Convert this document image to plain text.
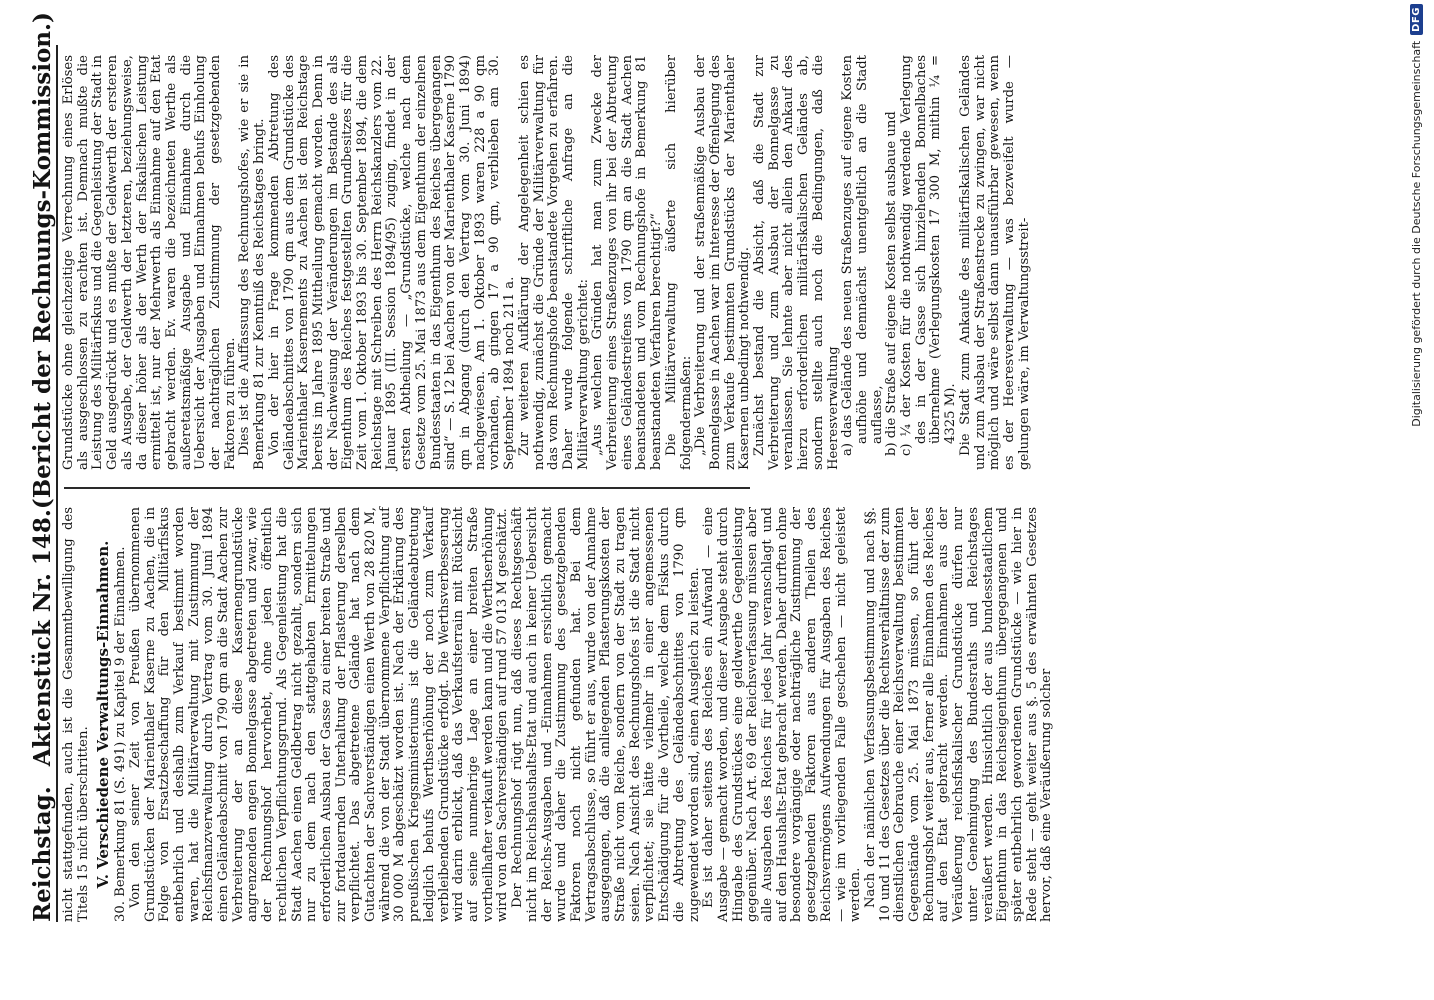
Reichstag.
Aktenstück Nr. 148.
(Bericht der Rechnungs-Kommission.)

nicht stattgefunden, auch ist die Gesammtbewilligung des Titels 15 nicht überschritten. V. Verschiedene Verwaltungs-Einnahmen. 30. Bemerkung 81 (S. 491) zu Kapitel 9 der Einnahmen. Von den seiner Zeit von Preußen übernommenen Grundstücken der Marienthaler Kaserne zu Aachen, die in Folge von Ersatzbeschaffung für den Militärfiskus entbehrlich und deshalb zum Verkauf bestimmt worden waren, hat die Militärverwaltung mit Zustimmung der Reichsfinanzverwaltung durch Vertrag vom 30. Juni 1894 einen Geländeabschnitt von 1790 qm an die Stadt Aachen zur Verbreiterung der an diese Kasernengrundstücke angrenzenden engen Bonnelgasse abgetreten und zwar, wie der Rechnungshof hervorhebt, ohne jeden öffentlich rechtlichen Verpflichtungsgrund. Als Gegenleistung hat die Stadt Aachen einen Geldbetrag nicht gezahlt, sondern sich nur zu dem nach den stattgehabten Ermittelungen erforderlichen Ausbau der Gasse zu einer breiten Straße und zur fortdauernden Unterhaltung der Pflasterung derselben verpflichtet. Das abgetretene Gelände hat nach dem Gutachten der Sachverständigen einen Werth von 28 820 M, während die von der Stadt übernommene Verpflichtung auf 30 000 M abgeschätzt worden ist. Nach der Erklärung des preußischen Kriegsministeriums ist die Geländeabtretung lediglich behufs Werthserhöhung der noch zum Verkauf verbleibenden Grundstücke erfolgt. Die Werthsverbesserung wird darin erblickt, daß das Verkaufsterrain mit Rücksicht auf seine nunmehrige Lage an einer breiten Straße vortheilhafter verkauft werden kann und die Werthserhöhung wird von den Sachverständigen auf rund 57 013 M geschätzt. Der Rechnungshof rügt nun, daß dieses Rechtsgeschäft nicht im Reichshaushalts-Etat und auch in keiner Uebersicht der Reichs-Ausgaben und -Einnahmen ersichtlich gemacht wurde und daher die Zustimmung des gesetzgebenden Faktoren noch nicht gefunden hat. Bei dem Vertragsabschlusse, so führt er aus, wurde von der Annahme ausgegangen, daß die anliegenden Pflasterungskosten der Straße nicht vom Reiche, sondern von der Stadt zu tragen seien. Nach Ansicht des Rechnungshofes ist die Stadt nicht verpflichtet; sie hätte vielmehr in einer angemessenen Entschädigung für die Vortheile, welche dem Fiskus durch die Abtretung des Geländeabschnittes von 1790 qm zugewendet worden sind, einen Ausgleich zu leisten. Es ist daher seitens des Reiches ein Aufwand — eine Ausgabe — gemacht worden, und dieser Ausgabe steht durch Hingabe des Grundstückes eine geldwerthe Gegenleistung gegenüber. Nach Art. 69 der Reichsverfassung müssen aber alle Ausgaben des Reiches für jedes Jahr veranschlagt und auf den Haushalts-Etat gebracht werden. Daher durften ohne besondere vorgängige oder nachträgliche Zustimmung der gesetzgebenden Faktoren aus anderen Theilen des Reichsvermögens Aufwendungen für Ausgaben des Reiches — wie im vorliegenden Falle geschehen — nicht geleistet werden. Nach der nämlichen Verfassungsbestimmung und nach §§. 10 und 11 des Gesetzes über die Rechtsverhältnisse der zum dienstlichen Gebrauche einer Reichsverwaltung bestimmten Gegenstände vom 25. Mai 1873 müssen, so führt der Rechnungshof weiter aus, ferner alle Einnahmen des Reiches auf den Etat gebracht werden. Einnahmen aus der Veräußerung reichsfiskalischer Grundstücke dürfen nur unter Genehmigung des Bundesraths und Reichstages veräußert werden. Hinsichtlich der aus bundesstaatlichem Eigenthum in das Reichseigenthum übergegangenen und später entbehrlich gewordenen Grundstücke — wie hier in Rede steht — geht weiter aus §. 5 des erwähnten Gesetzes hervor, daß eine Veräußerung solcher

Grundstücke ohne gleichzeitige Verrechnung eines Erlöses als ausgeschlossen zu erachten ist. Demnach mußte die Leistung des Militärfiskus und die Gegenleistung der Stadt in Geld ausgedrückt und es mußte der Geldwerth der ersteren als Ausgabe, der Geldwerth der letzteren, beziehungsweise, da dieser höher als der Werth der fiskalischen Leistung ermittelt ist, nur der Mehrwerth als Einnahme auf den Etat gebracht werden. Ev. waren die bezeichneten Werthe als außeretatsmäßige Ausgabe und Einnahme durch die Uebersicht der Ausgaben und Einnahmen behufs Einholung der nachträglichen Zustimmung der gesetzgebenden Faktoren zu führen. Dies ist die Auffassung des Rechnungshofes, wie er sie in Bemerkung 81 zur Kenntniß des Reichstages bringt. Von der hier in Frage kommenden Abtretung des Geländeabschnittes von 1790 qm aus dem Grundstücke des Marienthaler Kasernements zu Aachen ist dem Reichstage bereits im Jahre 1895 Mittheilung gemacht worden. Denn in der Nachweisung der Veränderungen im Bestande des als Eigenthum des Reiches festgestellten Grundbesitzes für die Zeit vom 1. Oktober 1893 bis 30. September 1894, die dem Reichstage mit Schreiben des Herrn Reichskanzlers vom 22. Januar 1895 (III. Session 1894/95) zuging, findet in der ersten Abtheilung — „Grundstücke, welche nach dem Gesetze vom 25. Mai 1873 aus dem Eigenthum der einzelnen Bundesstaaten in das Eigenthum des Reiches übergegangen sind“ — S. 12 bei Aachen von der Marienthaler Kaserne 1790 qm in Abgang (durch den Vertrag vom 30. Juni 1894) nachgewiesen. Am 1. Oktober 1893 waren 228 a 90 qm vorhanden, ab gingen 17 a 90 qm, verblieben am 30. September 1894 noch 211 a. Zur weiteren Aufklärung der Angelegenheit schien es nothwendig, zunächst die Gründe der Militärverwaltung für das vom Rechnungshofe beanstandete Vorgehen zu erfahren. Daher wurde folgende schriftliche Anfrage an die Militärverwaltung gerichtet: „Aus welchen Gründen hat man zum Zwecke der Verbreiterung eines Straßenzuges von ihr bei der Abtretung eines Geländestreifens von 1790 qm an die Stadt Aachen beanstandeten und vom Rechnungshofe in Bemerkung 81 beanstandeten Verfahren berechtigt?“ Die Militärverwaltung äußerte sich hierüber folgendermaßen: „Die Verbreiterung und der straßenmäßige Ausbau der Bonnelgasse in Aachen war im Interesse der Offenlegung des zum Verkaufe bestimmten Grundstücks der Marienthaler Kasernen unbedingt nothwendig. Zunächst bestand die Absicht, daß die Stadt zur Verbreiterung und zum Ausbau der Bonnelgasse zu veranlassen. Sie lehnte aber nicht allein den Ankauf des hierzu erforderlichen militärfiskalischen Geländes ab, sondern stellte auch noch die Bedingungen, daß die Heeresverwaltung a) das Gelände des neuen Straßenzuges auf eigene Kosten aufhöhe und demnächst unentgeltlich an die Stadt auflasse, b) die Straße auf eigene Kosten selbst ausbaue und c) ¼ der Kosten für die nothwendig werdende Verlegung des in der Gasse sich hinziehenden Bonnelbaches übernehme (Verlegungskosten 17 300 M, mithin ¼ = 4325 M). Die Stadt zum Ankaufe des militärfiskalischen Geländes und zum Ausbau der Straßenstrecke zu zwingen, war nicht möglich und wäre selbst dann unausführbar gewesen, wenn es der Heeresverwaltung — was bezweifelt wurde — gelungen wäre, im Verwaltungsstreit-	Digitalisierung gefördert durch die Deutsche Forschungsgemeinschaft
DFG
